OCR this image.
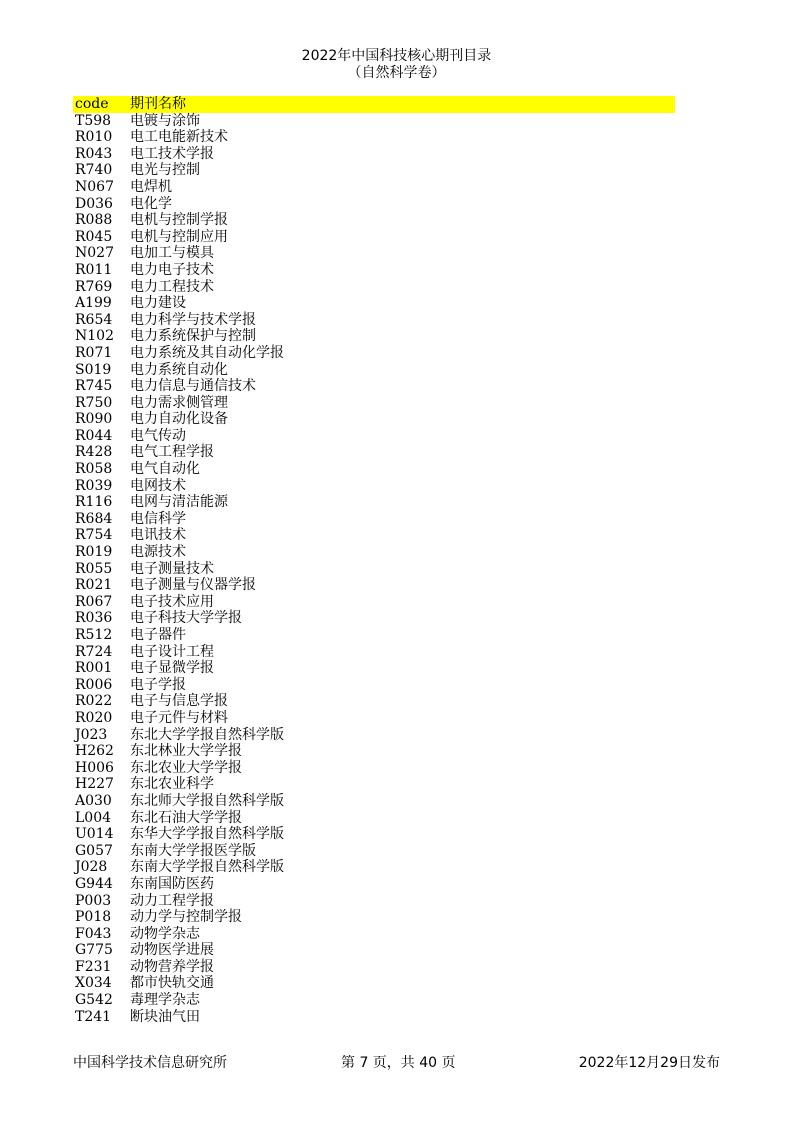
2022年中国科技核心期刊目录
（自然科学卷）
code	期刊名称
T598	电镀与涂饰
R010	电工电能新技术
R043	电工技术学报
R740	电光与控制
N067	电焊机
D036	电化学
R088	电机与控制学报
R045	电机与控制应用
N027	电加工与模具
R011	电力电子技术
R769	电力工程技术
A199	电力建设
R654	电力科学与技术学报
N102	电力系统保护与控制
R071	电力系统及其自动化学报
S019	电力系统自动化
R745	电力信息与通信技术
R750	电力需求侧管理
R090	电力自动化设备
R044	电气传动
R428	电气工程学报
R058	电气自动化
R039	电网技术
R116	电网与清洁能源
R684	电信科学
R754	电讯技术
R019	电源技术
R055	电子测量技术
R021	电子测量与仪器学报
R067	电子技术应用
R036	电子科技大学学报
R512	电子器件
R724	电子设计工程
R001	电子显微学报
R006	电子学报
R022	电子与信息学报
R020	电子元件与材料
J023	东北大学学报自然科学版
H262	东北林业大学学报
H006	东北农业大学学报
H227	东北农业科学
A030	东北师大学报自然科学版
L004	东北石油大学学报
U014	东华大学学报自然科学版
G057	东南大学学报医学版
J028	东南大学学报自然科学版
G944	东南国防医药
P003	动力工程学报
P018	动力学与控制学报
F043	动物学杂志
G775	动物医学进展
F231	动物营养学报
X034	都市快轨交通
G542	毒理学杂志
T241	断块油气田
中国科学技术信息研究所	第 7 页，共 40 页	2022年12月29日发布
